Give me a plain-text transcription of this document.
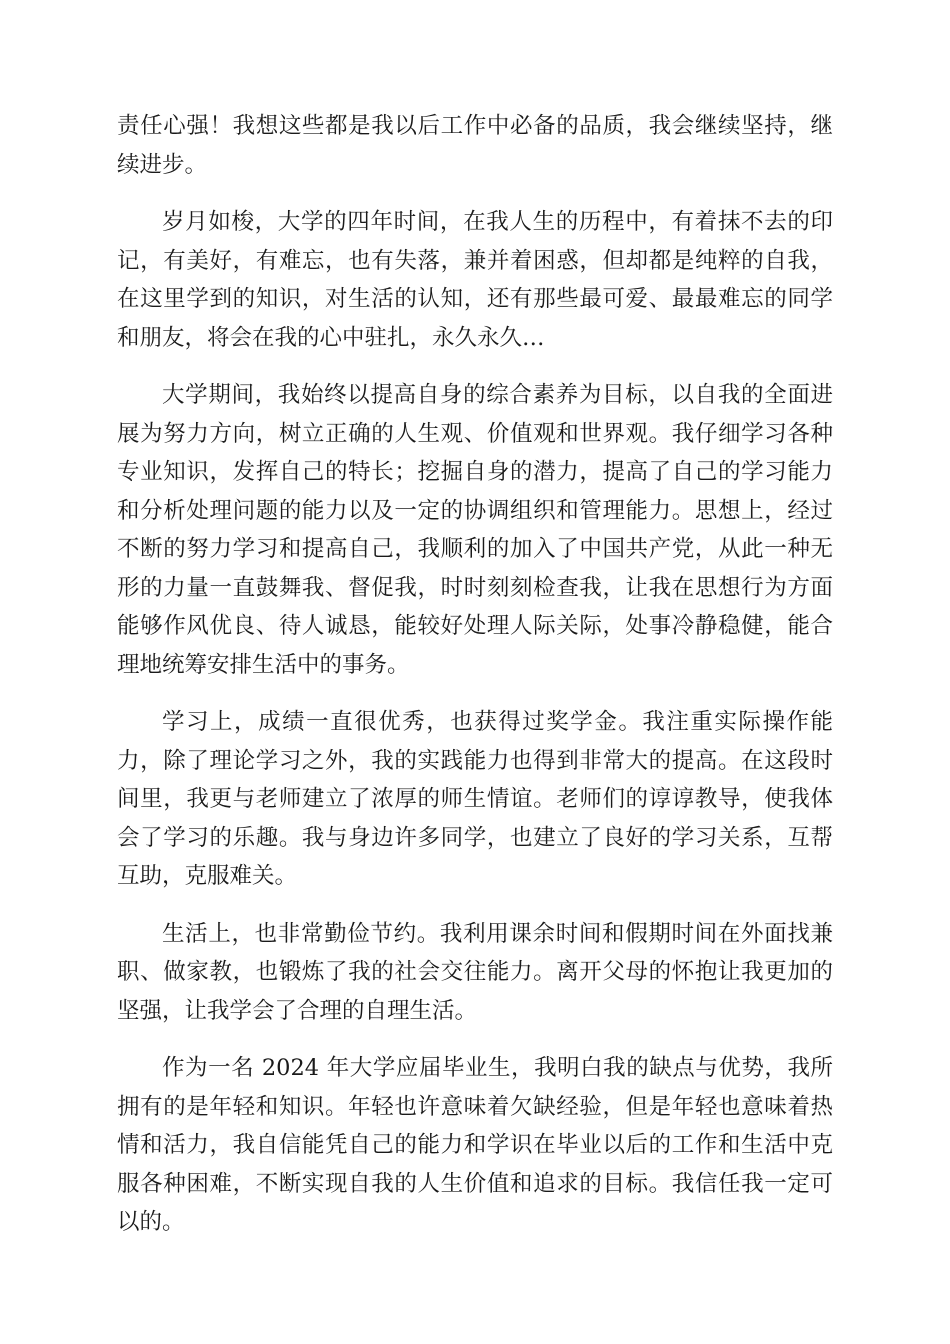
责任心强！我想这些都是我以后工作中必备的品质，我会继续坚持，继续进步。

岁月如梭，大学的四年时间，在我人生的历程中，有着抹不去的印记，有美好，有难忘，也有失落，兼并着困惑，但却都是纯粹的自我，在这里学到的知识，对生活的认知，还有那些最可爱、最最难忘的同学和朋友，将会在我的心中驻扎，永久永久…

大学期间，我始终以提高自身的综合素养为目标，以自我的全面进展为努力方向，树立正确的人生观、价值观和世界观。我仔细学习各种专业知识，发挥自己的特长；挖掘自身的潜力，提高了自己的学习能力和分析处理问题的能力以及一定的协调组织和管理能力。思想上，经过不断的努力学习和提高自己，我顺利的加入了中国共产党，从此一种无形的力量一直鼓舞我、督促我，时时刻刻检查我，让我在思想行为方面能够作风优良、待人诚恳，能较好处理人际关际，处事冷静稳健，能合理地统筹安排生活中的事务。

学习上，成绩一直很优秀，也获得过奖学金。我注重实际操作能力，除了理论学习之外，我的实践能力也得到非常大的提高。在这段时间里，我更与老师建立了浓厚的师生情谊。老师们的谆谆教导，使我体会了学习的乐趣。我与身边许多同学，也建立了良好的学习关系，互帮互助，克服难关。

生活上，也非常勤俭节约。我利用课余时间和假期时间在外面找兼职、做家教，也锻炼了我的社会交往能力。离开父母的怀抱让我更加的坚强，让我学会了合理的自理生活。

作为一名 2024 年大学应届毕业生，我明白我的缺点与优势，我所拥有的是年轻和知识。年轻也许意味着欠缺经验，但是年轻也意味着热情和活力，我自信能凭自己的能力和学识在毕业以后的工作和生活中克服各种困难，不断实现自我的人生价值和追求的目标。我信任我一定可以的。
